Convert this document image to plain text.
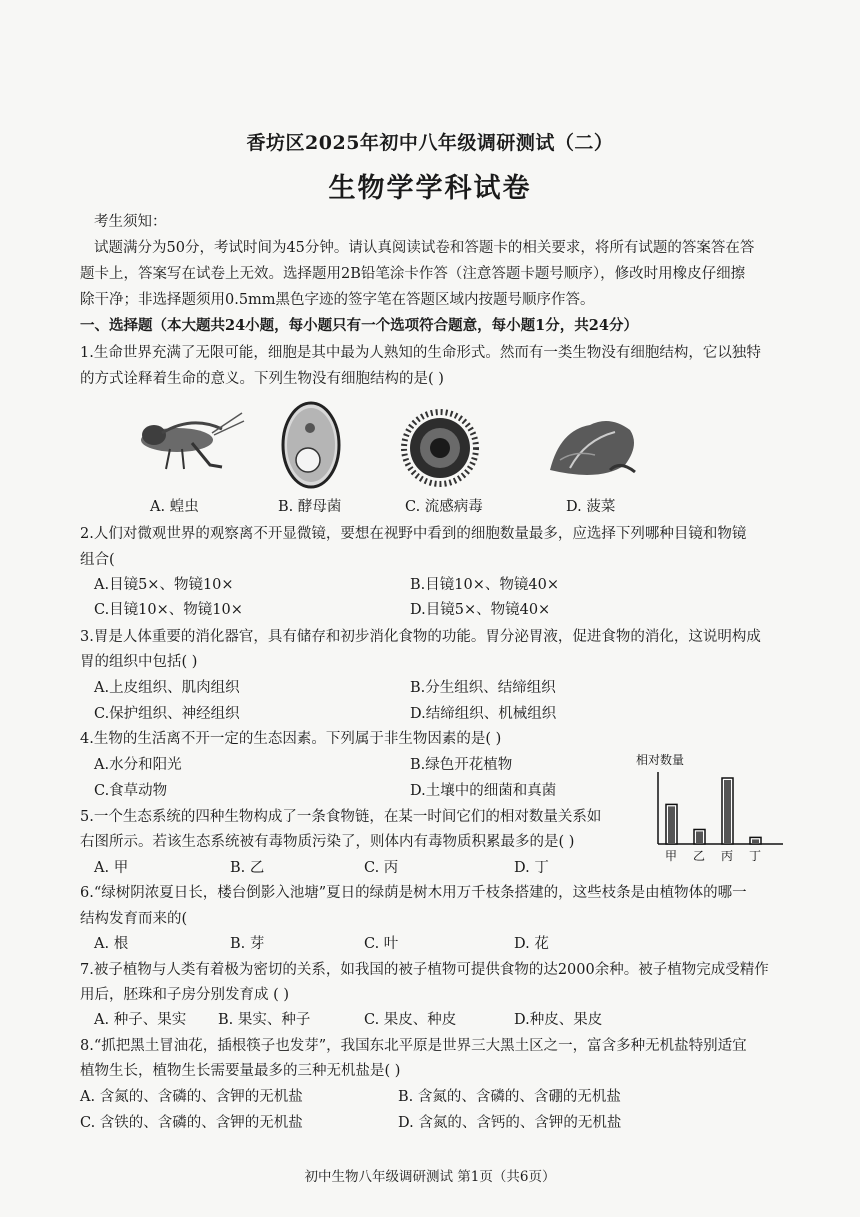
香坊区2025年初中八年级调研测试（二）
生物学学科试卷
考生须知：
试题满分为50分，考试时间为45分钟。请认真阅读试卷和答题卡的相关要求，将所有试题的答案答在答
题卡上，答案写在试卷上无效。选择题用2B铅笔涂卡作答（注意答题卡题号顺序），修改时用橡皮仔细擦
除干净；非选择题须用0.5mm黑色字迹的签字笔在答题区域内按题号顺序作答。
一、选择题（本大题共24小题，每小题只有一个选项符合题意，每小题1分，共24分）
1.生命世界充满了无限可能，细胞是其中最为人熟知的生命形式。然而有一类生物没有细胞结构，它以独特
的方式诠释着生命的意义。下列生物没有细胞结构的是( )
A. 蝗虫	B. 酵母菌	C. 流感病毒	D. 菠菜
2.人们对微观世界的观察离不开显微镜，要想在视野中看到的细胞数量最多，应选择下列哪种目镜和物镜
组合(
A.目镜5×、物镜10×	B.目镜10×、物镜40×
C.目镜10×、物镜10×	D.目镜5×、物镜40×
3.胃是人体重要的消化器官，具有储存和初步消化食物的功能。胃分泌胃液，促进食物的消化，这说明构成
胃的组织中包括( )
A.上皮组织、肌肉组织	B.分生组织、结缔组织
C.保护组织、神经组织	D.结缔组织、机械组织
4.生物的生活离不开一定的生态因素。下列属于非生物因素的是( )
A.水分和阳光	B.绿色开花植物
C.食草动物	D.土壤中的细菌和真菌
相对数量
甲 乙 丙 丁
5.一个生态系统的四种生物构成了一条食物链，在某一时间它们的相对数量关系如
右图所示。若该生态系统被有毒物质污染了，则体内有毒物质积累最多的是( )
A. 甲	B. 乙	C. 丙	D. 丁
6.“绿树阴浓夏日长，楼台倒影入池塘”夏日的绿荫是树木用万千枝条搭建的，这些枝条是由植物体的哪一
结构发育而来的(
A. 根	B. 芽	C. 叶	D. 花
7.被子植物与人类有着极为密切的关系，如我国的被子植物可提供食物的达2000余种。被子植物完成受精作
用后，胚珠和子房分别发育成 ( )
A. 种子、果实 B. 果实、种子	C. 果皮、种皮	D.种皮、果皮
8.“抓把黑土冒油花，插根筷子也发芽”，我国东北平原是世界三大黑土区之一，富含多种无机盐特别适宜
植物生长，植物生长需要量最多的三种无机盐是( )
A. 含氮的、含磷的、含钾的无机盐	B. 含氮的、含磷的、含硼的无机盐
C. 含铁的、含磷的、含钾的无机盐	D. 含氮的、含钙的、含钾的无机盐
初中生物八年级调研测试 第1页（共6页）
